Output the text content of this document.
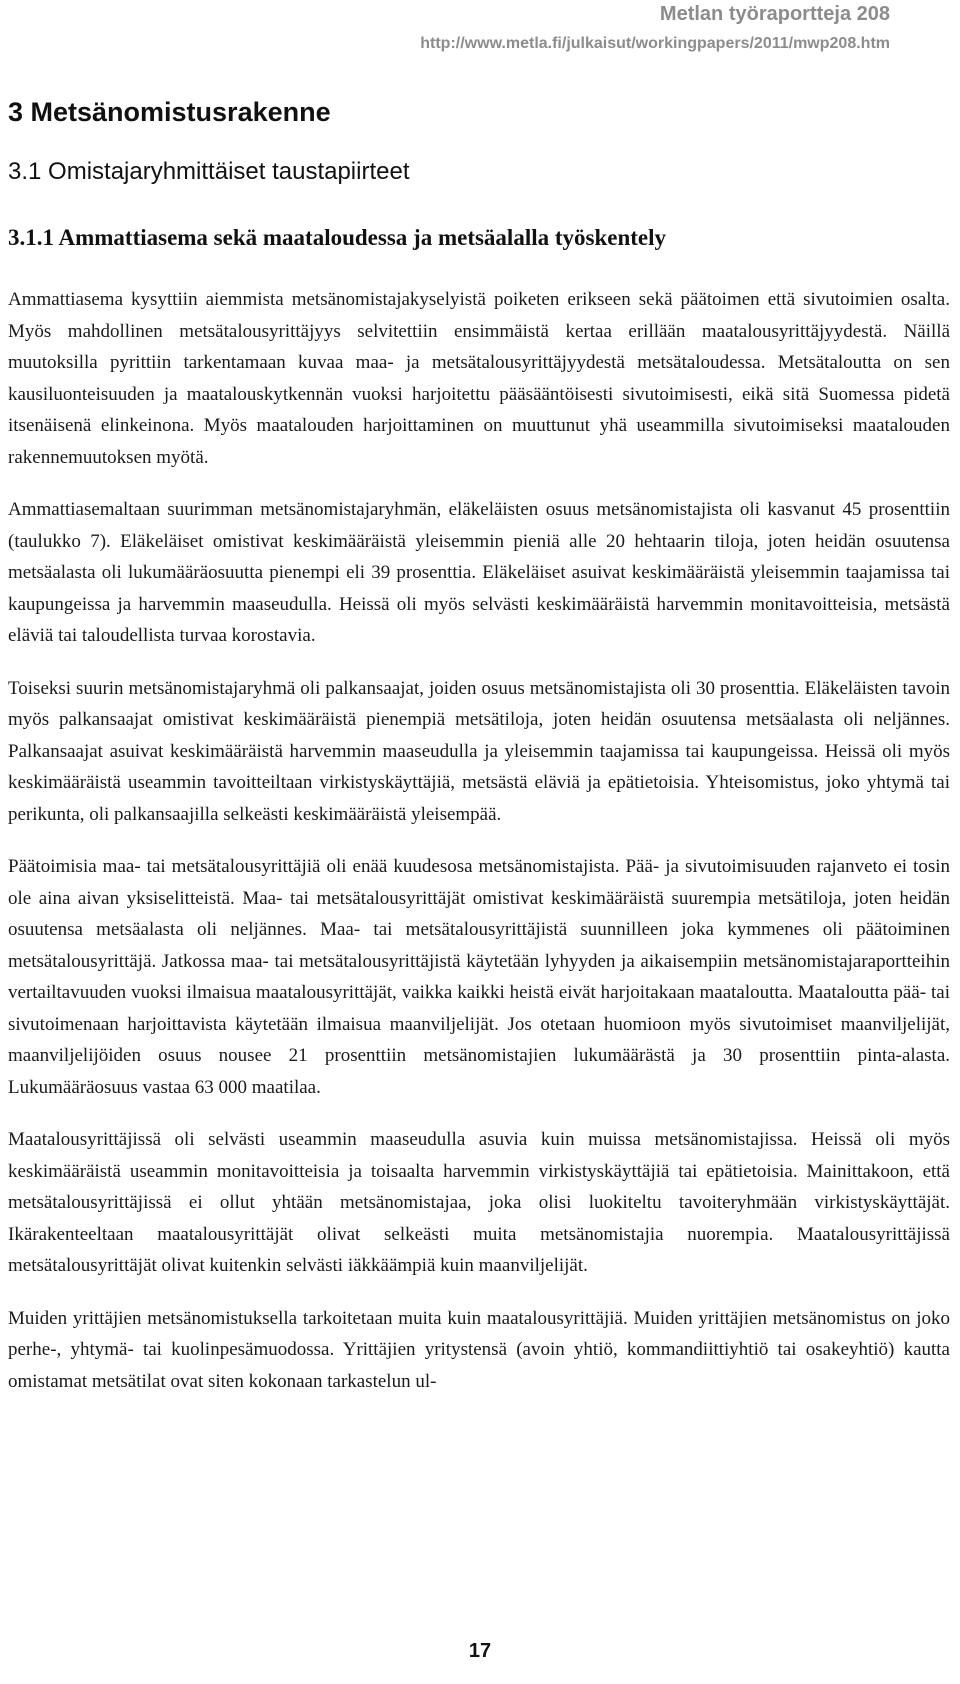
Metlan työraportteja 208
http://www.metla.fi/julkaisut/workingpapers/2011/mwp208.htm
3 Metsänomistusrakenne
3.1 Omistajaryhmittäiset taustapiirteet
3.1.1 Ammattiasema sekä maataloudessa ja metsäalalla työskentely

Ammattiasema kysyttiin aiemmista metsänomistajakyselyistä poiketen erikseen sekä päätoimen että sivutoimien osalta. Myös mahdollinen metsätalousyrittäjyys selvitettiin ensimmäistä kertaa erillään maatalousyrittäjyydestä. Näillä muutoksilla pyrittiin tarkentamaan kuvaa maa- ja metsätalousyrittäjyydestä metsätaloudessa. Metsätaloutta on sen kausiluonteisuuden ja maatalouskytkennän vuoksi harjoitettu pääsääntöisesti sivutoimisesti, eikä sitä Suomessa pidetä itsenäisenä elinkeinona. Myös maatalouden harjoittaminen on muuttunut yhä useammilla sivutoimiseksi maatalouden rakennemuutoksen myötä.

Ammattiasemaltaan suurimman metsänomistajaryhmän, eläkeläisten osuus metsänomistajista oli kasvanut 45 prosenttiin (taulukko 7). Eläkeläiset omistivat keskimääräistä yleisemmin pieniä alle 20 hehtaarin tiloja, joten heidän osuutensa metsäalasta oli lukumääräosuutta pienempi eli 39 prosenttia. Eläkeläiset asuivat keskimääräistä yleisemmin taajamissa tai kaupungeissa ja harvemmin maaseudulla. Heissä oli myös selvästi keskimääräistä harvemmin monitavoitteisia, metsästä eläviä tai taloudellista turvaa korostavia.

Toiseksi suurin metsänomistajaryhmä oli palkansaajat, joiden osuus metsänomistajista oli 30 prosenttia. Eläkeläisten tavoin myös palkansaajat omistivat keskimääräistä pienempiä metsätiloja, joten heidän osuutensa metsäalasta oli neljännes. Palkansaajat asuivat keskimääräistä harvemmin maaseudulla ja yleisemmin taajamissa tai kaupungeissa. Heissä oli myös keskimääräistä useammin tavoitteiltaan virkistyskäyttäjiä, metsästä eläviä ja epätietoisia. Yhteisomistus, joko yhtymä tai perikunta, oli palkansaajilla selkeästi keskimääräistä yleisempää.

Päätoimisia maa- tai metsätalousyrittäjiä oli enää kuudesosa metsänomistajista. Pää- ja sivutoimisuuden rajanveto ei tosin ole aina aivan yksiselitteistä. Maa- tai metsätalousyrittäjät omistivat keskimääräistä suurempia metsätiloja, joten heidän osuutensa metsäalasta oli neljännes. Maa- tai metsätalousyrittäjistä suunnilleen joka kymmenes oli päätoiminen metsätalousyrittäjä. Jatkossa maa- tai metsätalousyrittäjistä käytetään lyhyyden ja aikaisempiin metsänomistajaraportteihin vertailtavuuden vuoksi ilmaisua maatalousyrittäjät, vaikka kaikki heistä eivät harjoitakaan maataloutta. Maataloutta pää- tai sivutoimenaan harjoittavista käytetään ilmaisua maanviljelijät. Jos otetaan huomioon myös sivutoimiset maanviljelijät, maanviljelijöiden osuus nousee 21 prosenttiin metsänomistajien lukumäärästä ja 30 prosenttiin pinta-alasta. Lukumääräosuus vastaa 63 000 maatilaa.

Maatalousyrittäjissä oli selvästi useammin maaseudulla asuvia kuin muissa metsänomistajissa. Heissä oli myös keskimääräistä useammin monitavoitteisia ja toisaalta harvemmin virkistyskäyttäjiä tai epätietoisia. Mainittakoon, että metsätalousyrittäjissä ei ollut yhtään metsänomistajaa, joka olisi luokiteltu tavoiteryhmään virkistyskäyttäjät. Ikärakenteeltaan maatalousyrittäjät olivat selkeästi muita metsänomistajia nuorempia. Maatalousyrittäjissä metsätalousyrittäjät olivat kuitenkin selvästi iäkkäämpiä kuin maanviljelijät.

Muiden yrittäjien metsänomistuksella tarkoitetaan muita kuin maatalousyrittäjiä. Muiden yrittäjien metsänomistus on joko perhe-, yhtymä- tai kuolinpesämuodossa. Yrittäjien yritystensä (avoin yhtiö, kommandiittiyhtiö tai osakeyhtiö) kautta omistamat metsätilat ovat siten kokonaan tarkastelun ul-

17
